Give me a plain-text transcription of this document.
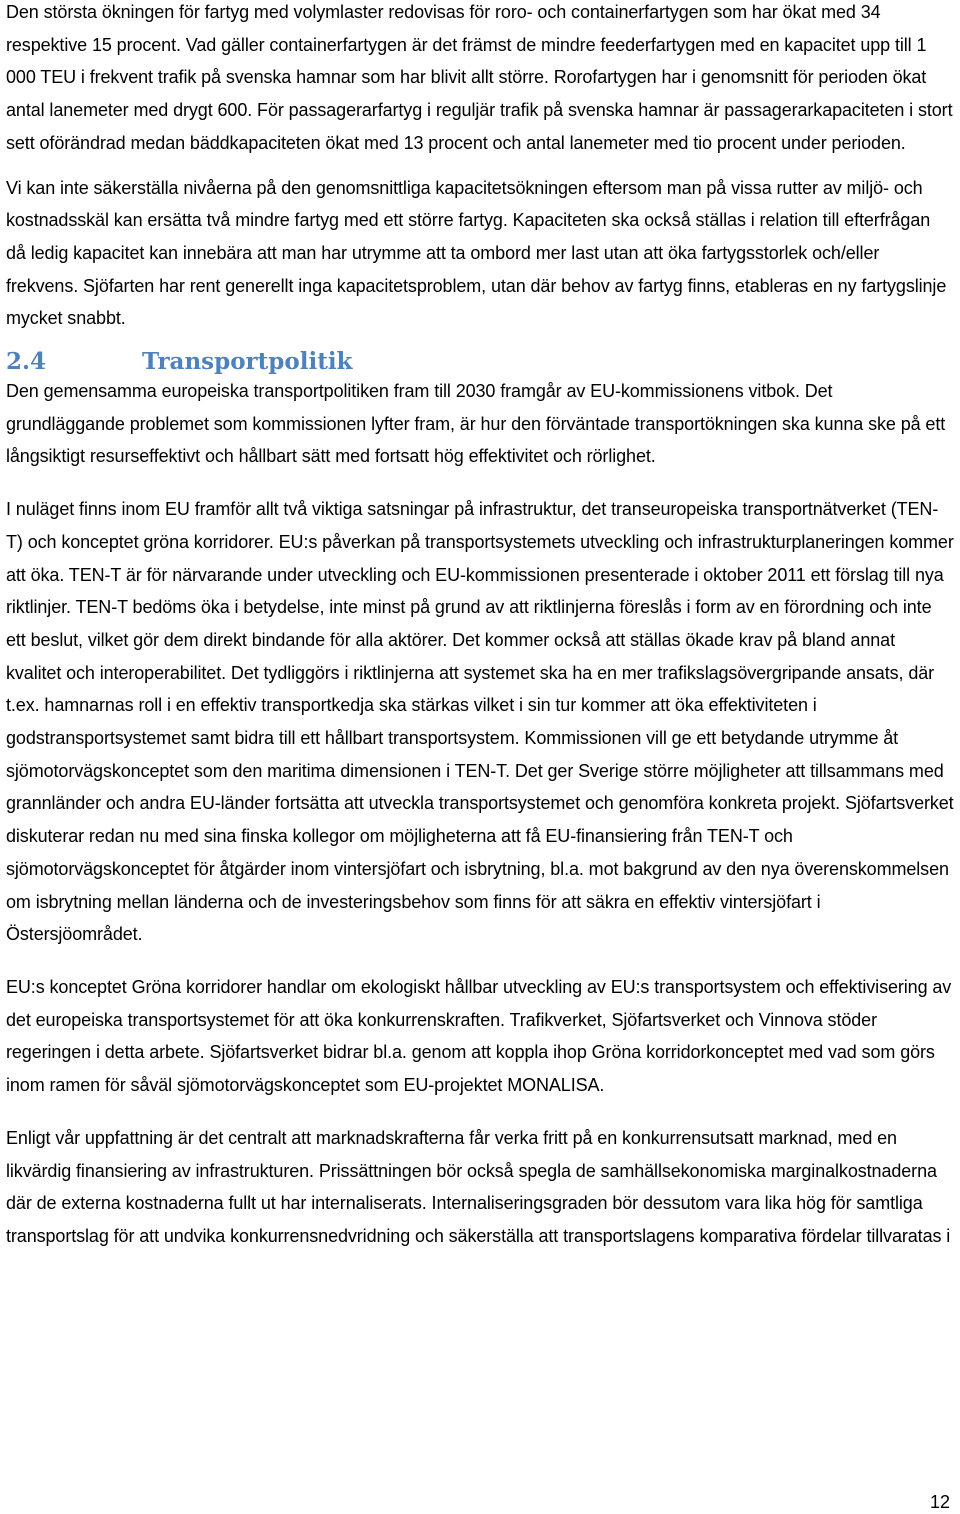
Den största ökningen för fartyg med volymlaster redovisas för roro- och containerfartygen som har ökat med 34 respektive 15 procent. Vad gäller containerfartygen är det främst de mindre feederfartygen med en kapacitet upp till 1 000 TEU i frekvent trafik på svenska hamnar som har blivit allt större. Rorofartygen har i genomsnitt för perioden ökat antal lanemeter med drygt 600. För passagerarfartyg i reguljär trafik på svenska hamnar är passagerarkapaciteten i stort sett oförändrad medan bäddkapaciteten ökat med 13 procent och antal lanemeter med tio procent under perioden.

Vi kan inte säkerställa nivåerna på den genomsnittliga kapacitetsökningen eftersom man på vissa rutter av miljö- och kostnadsskäl kan ersätta två mindre fartyg med ett större fartyg. Kapaciteten ska också ställas i relation till efterfrågan då ledig kapacitet kan innebära att man har utrymme att ta ombord mer last utan att öka fartygsstorlek och/eller frekvens. Sjöfarten har rent generellt inga kapacitetsproblem, utan där behov av fartyg finns, etableras en ny fartygslinje mycket snabbt.

2.4	Transportpolitik

Den gemensamma europeiska transportpolitiken fram till 2030 framgår av EU-kommissionens vitbok. Det grundläggande problemet som kommissionen lyfter fram, är hur den förväntade transportökningen ska kunna ske på ett långsiktigt resurseffektivt och hållbart sätt med fortsatt hög effektivitet och rörlighet.

I nuläget finns inom EU framför allt två viktiga satsningar på infrastruktur, det transeuropeiska transportnätverket (TEN-T) och konceptet gröna korridorer. EU:s påverkan på transportsystemets utveckling och infrastrukturplaneringen kommer att öka. TEN-T är för närvarande under utveckling och EU-kommissionen presenterade i oktober 2011 ett förslag till nya riktlinjer. TEN-T bedöms öka i betydelse, inte minst på grund av att riktlinjerna föreslås i form av en förordning och inte ett beslut, vilket gör dem direkt bindande för alla aktörer. Det kommer också att ställas ökade krav på bland annat kvalitet och interoperabilitet. Det tydliggörs i riktlinjerna att systemet ska ha en mer trafikslagsövergripande ansats, där t.ex. hamnarnas roll i en effektiv transportkedja ska stärkas vilket i sin tur kommer att öka effektiviteten i godstransportsystemet samt bidra till ett hållbart transportsystem. Kommissionen vill ge ett betydande utrymme åt sjömotorvägskonceptet som den maritima dimensionen i TEN-T. Det ger Sverige större möjligheter att tillsammans med grannländer och andra EU-länder fortsätta att utveckla transportsystemet och genomföra konkreta projekt. Sjöfartsverket diskuterar redan nu med sina finska kollegor om möjligheterna att få EU-finansiering från TEN-T och sjömotorvägskonceptet för åtgärder inom vintersjöfart och isbrytning, bl.a. mot bakgrund av den nya överenskommelsen om isbrytning mellan länderna och de investeringsbehov som finns för att säkra en effektiv vintersjöfart i Östersjöområdet.

EU:s konceptet Gröna korridorer handlar om ekologiskt hållbar utveckling av EU:s transportsystem och effektivisering av det europeiska transportsystemet för att öka konkurrenskraften. Trafikverket, Sjöfartsverket och Vinnova stöder regeringen i detta arbete. Sjöfartsverket bidrar bl.a. genom att koppla ihop Gröna korridorkonceptet med vad som görs inom ramen för såväl sjömotorvägskonceptet som EU-projektet MONALISA.

Enligt vår uppfattning är det centralt att marknadskrafterna får verka fritt på en konkurrensutsatt marknad, med en likvärdig finansiering av infrastrukturen. Prissättningen bör också spegla de samhällsekonomiska marginalkostnaderna där de externa kostnaderna fullt ut har internaliserats. Internaliseringsgraden bör dessutom vara lika hög för samtliga transportslag för att undvika konkurrensnedvridning och säkerställa att transportslagens komparativa fördelar tillvaratas i

12
